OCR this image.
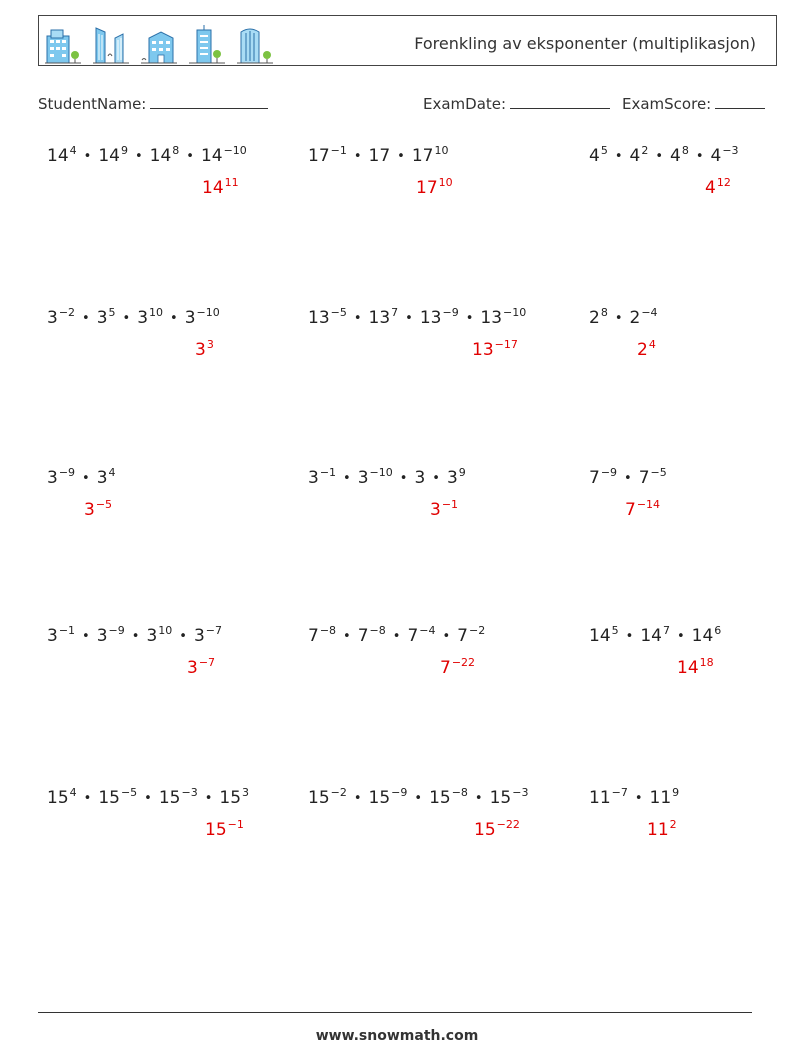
Forenkling av eksponenter (multiplikasjon)
StudentName:	ExamDate:	ExamScore:
$14^4$ • $14^9$ • $14^8$ • $14^{-10}$
$14^{11}$
$17^{-1}$ • 17 • $17^{10}$
$17^{10}$
$4^5$ • $4^2$ • $4^8$ • $4^{-3}$
$4^{12}$
$3^{-2}$ • $3^5$ • $3^{10}$ • $3^{-10}$
$3^3$
$13^{-5}$ • $13^7$ • $13^{-9}$ • $13^{-10}$
$13^{-17}$
$2^8$ • $2^{-4}$
$2^4$
$3^{-9}$ • $3^4$
$3^{-5}$
$3^{-1}$ • $3^{-10}$ • 3 • $3^9$
$3^{-1}$
$7^{-9}$ • $7^{-5}$
$7^{-14}$
$3^{-1}$ • $3^{-9}$ • $3^{10}$ • $3^{-7}$
$3^{-7}$
$7^{-8}$ • $7^{-8}$ • $7^{-4}$ • $7^{-2}$
$7^{-22}$
$14^5$ • $14^7$ • $14^6$
$14^{18}$
$15^4$ • $15^{-5}$ • $15^{-3}$ • $15^3$
$15^{-1}$
$15^{-2}$ • $15^{-9}$ • $15^{-8}$ • $15^{-3}$
$15^{-22}$
$11^{-7}$ • $11^9$
$11^2$
www.snowmath.com
